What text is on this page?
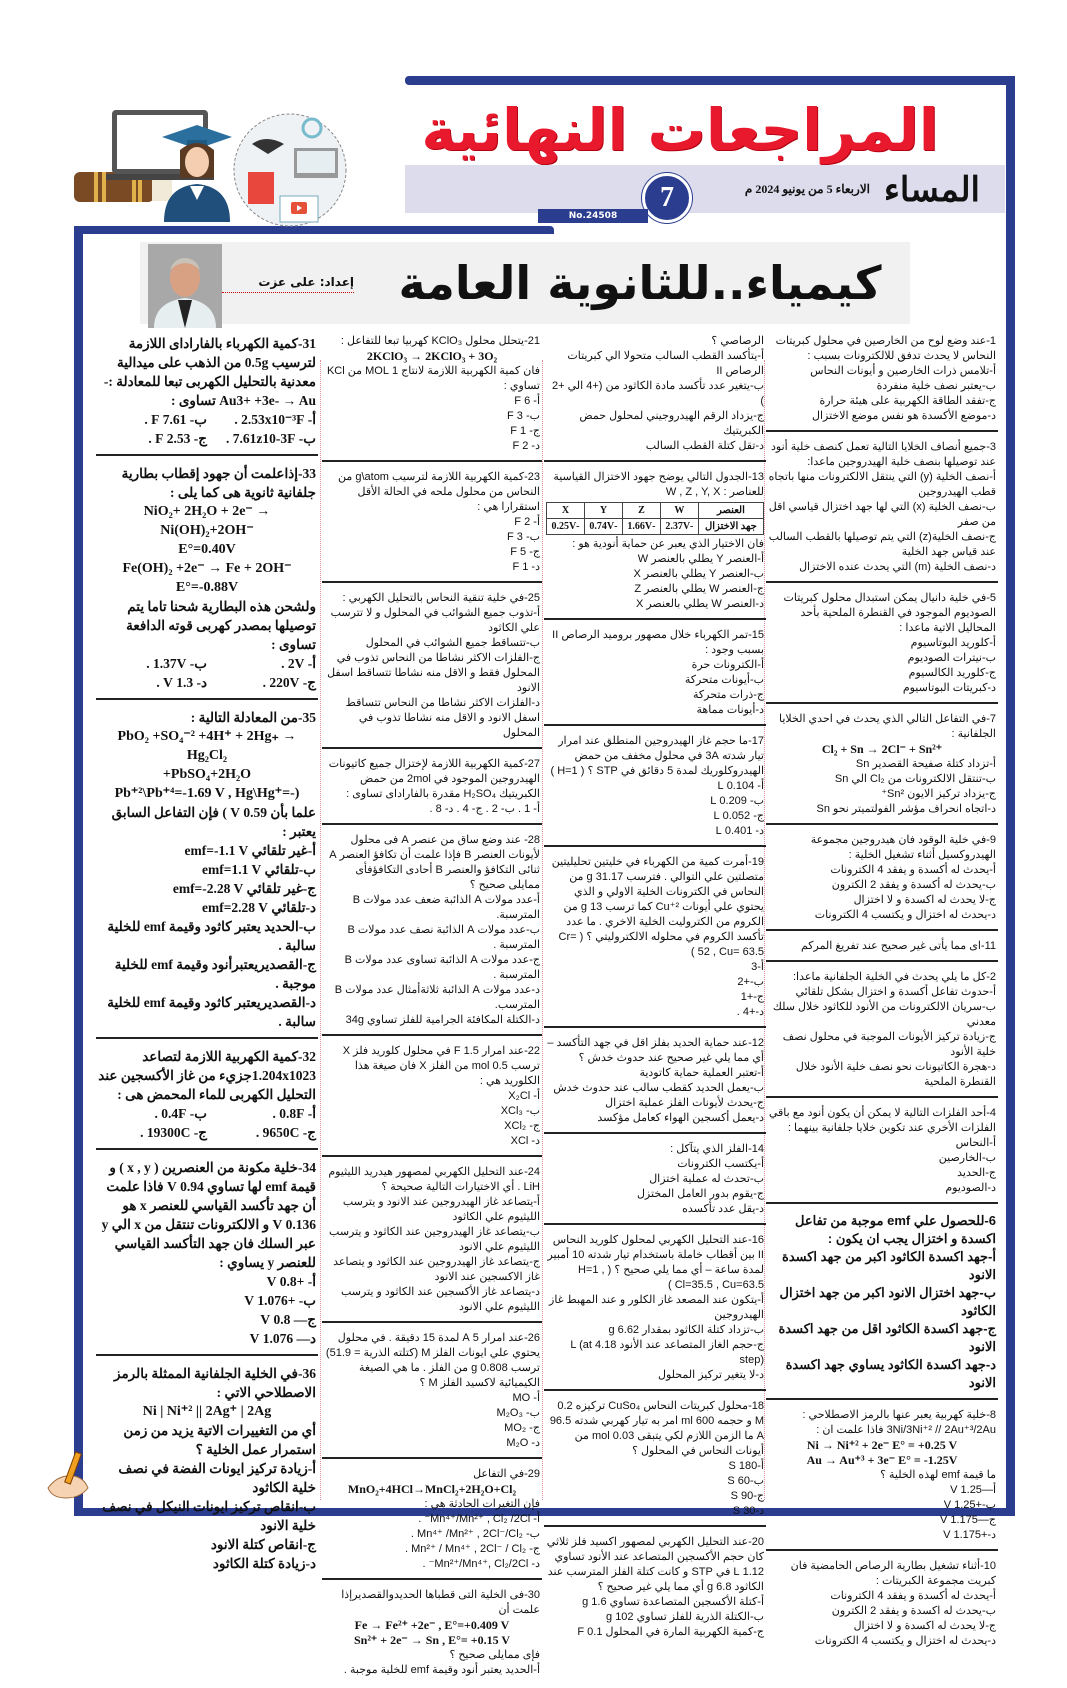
المراجعات النهائية
المساء
الاربعاء 5 من يونيو 2024 م
7
No.24508
كيمياء..للثانوية العامة
إعداد: على عزت
1-عند وضع لوح من الخارصين في محلول كبريتات النحاس لا يحدث تدفق للالكترونات بسبب :
أ-تلامس ذرات الخارصين و أيونات النحاس
ب-يعتبر نصف خلية منفردة
ج-تفقد الطاقة الكهربية على هيئة حرارة
د-موضع الأكسدة هو نفس موضع الاختزال
3-جميع أنصاف الخلايا التالية تعمل كنصف خلية أنود عند توصيلها بنصف خلية الهيدروجين ماعدا:
أ-نصف الخلية (y) التي ينتقل الالكترونات منها باتجاه قطب الهيدروجين
ب-نصف الخلية (x) التي لها جهد اختزال قياسي اقل من صفر
ج-نصف الخلية(z) التي يتم توصيلها بالقطب السالب عند قياس جهد الخلية
د-نصف الخلية (m) التي يحدث عنده الاختزال
5-في خلية دانيال يمكن استبدال محلول كبريتات الصوديوم الموجود في القنطرة الملحية بأحد المحاليل الاتية ماعدا :
أ-كلوريد البوتاسيوم
ب-نيترات الصوديوم
ج-كلوريد الكالسيوم
د-كبريتات البوتاسيوم
7-في التفاعل التالي الذي يحدث في احدي الخلايا الجلفانية :
Cl₂ + Sn → 2Cl⁻ + Sn²⁺
أ-تزداد كتلة صفيحة القصدير Sn
ب-تنتقل الالكترونات من Cl₂ الي Sn
ج-يزداد تركيز الايون Sn²⁺
د-اتجاه انحراف مؤشر الفولتميتر نحو Sn
9-في خلية الوقود فان هيدروجين مجموعة الهيدروكسيل أثناء تشغيل الخلية :
أ-يحدث له أكسدة و يفقد 4 الكترونات
ب-يحدث له أكسدة و يفقد 2 الكترون
ج-لا يحدث له اكسدة و لا اختزال
د-يحدث له اختزال و يكتسب 4 الكترونات
11-اى مما يأتى غير صحيح عند تفريغ المركم
2-كل ما يلي يحدث في الخلية الجلفانية ماعدا:
أ-حدوث تفاعل أكسدة و اختزال بشكل تلقائي
ب-سريان الالكترونات من الأنود للكاثود خلال سلك معدني
ج-زيادة تركيز الأيونات الموجبة في محلول نصف خلية الأنود
د-هجرة الكاتيونات نحو نصف خلية الأنود خلال القنطرة الملحية
4-أحد الفلزات التالية لا يمكن أن يكون أنود مع باقي الفلزات الأخري عند تكوين خلايا جلفانية بينهما :
أ-النحاس
ب-الخارصين
ج-الحديد
د-الصوديوم
6-للحصول علي emf موجبة من تفاعل اكسدة و اختزال يجب ان يكون :
أ-جهد اكسدة الكاثود اكبر من جهد اكسدة الانود
ب-جهد اختزال الانود اكبر من جهد اختزال الكاثود
ج-جهد اكسدة الكاثود اقل من جهد اكسدة الانود
د-جهد اكسدة الكاثود يساوي جهد اكسدة الانود
8-خلية كهربية يعبر عنها بالرمز الاصطلاحي : 3Ni/3Ni⁺² // 2Au⁺³/2Au فاذا علمت ان :
Ni → Ni⁺² + 2e⁻ E° = +0.25 V
Au → Au⁺³ + 3e⁻ E° = -1.25V
ما قيمة emf لهذه الخلية ؟
أ—1.25 V
ب-+1.25 V
ج—1.175 V
د-+1.175 V
10-أثناء تشغيل بطارية الرصاص الحامضية فان كبريت مجموعة الكبريتات :
أ-يحدث له أكسدة و يفقد 4 الكترونات
ب-يحدث له اكسدة و يفقد 2 الكترون
ج-لا يحدث له اكسدة و لا اختزال
د-يحدث له اختزال و يكتسب 4 الكترونات
الرصاصي ؟
أ-يتأكسد القطب السالب متحولا الي كبريتات الرصاص II
ب-يتغير عدد تأكسد مادة الكاثود من (+4 الي +2 )
ج-يزداد الرقم الهيدروجيني لمحلول حمض الكبريتيك
د-تقل كتلة القطب السالب
13-الجدول التالي يوضح جهود الاختزال القياسية للعناصر : W , Z , Y, X
العنصر	W	Z	Y	X
جهد الاختزال	-2.37V	-1.66V	-0.74V	-0.25V
فان الاختيار الذي يعبر عن حماية أنودية هو :
أ-العنصر Y يطلي بالعنصر W
ب-العنصر Y يطلي بالعنصر X
ج-العنصر W يطلي بالعنصر Z
د-العنصر W يطلي بالعنصر X
15-تمر الكهرباء خلال مصهور بروميد الرصاص II بسبب وجود :
أ-الكترونات حرة
ب-أيونات متحركة
ج-ذرات متحركة
د-أيونات مماهة
17-ما حجم غاز الهيدروجين المنطلق عند امرار تيار شدته 3A في محلول مخفف من حمض الهيدروكلوريك لمدة 5 دقائق في STP ؟ ( H=1 )
أ- 0.104 L
ب- 0.209 L
ج- 0.052 L
د- 0.401 L
19-أمرت كمية من الكهرباء في خليتين تحليليتين متصلتين علي التوالي . فترسب 31.17 g من النحاس في الكترونات الخلية الاولي و الذي يحتوي علي أيونات Cu⁺² كما ترسب 13 g من الكروم من الكتروليت الخلية الاخري . ما عدد تأكسد الكروم في محلوله الالكتروليتي ؟ ( Cr= 52 , Cu= 63.5 )
أ-3
ب-+2
ج-+1
د-+4 .
12-عند حماية الحديد بفلز اقل في جهد التأكسد – أي مما يلي غير صحيح عند حدوث خدش ؟
أ-تعتبر العملية حماية كاتودية
ب-يعمل الحديد كقطب سالب عند حدوث خدش
ج-يحدث لأيونات الفلز عملية اختزال
د-يعمل أكسجين الهواء كعامل مؤكسد
14-الفلز الذي يتآكل :
أ-يكتسب الكترونات
ب-تحدث له عملية اختزال
ج-يقوم بدور العامل المختزل
د-يقل عدد تأكسده
16-عند التحليل الكهربي لمحلول كلوريد النحاس II بين أقطاب خاملة باستخدام تيار شدته 10 أمبير لمدة ساعة – أي مما يلي صحيح ؟ ( H=1 , Cl=35.5 , Cu=63.5 )
أ-يتكون عند المصعد غاز الكلور و عند المهبط غاز الهيدروجين
ب-تزداد كتلة الكاثود بمقدار 6.62 g
ج-حجم الغاز المتصاعد عند الأنود 4.18 L (at step)
د-لا يتغير تركيز المحلول
18-محلول كبريتات النحاس CuSo₄ تركيزه 0.2 M و حجمه 600 ml امر به تيار كهربي شدته 96.5 A ما الزمن اللازم لكي يتبقى 0.03 mol من أيونات النحاس في المحلول ؟
أ-180 S
ب-60 S
ج-90 S
د-30 S
20-عند التحليل الكهربي لمصهور اكسيد فلز ثلاثي كان حجم الأكسجين المتصاعد عند الأنود تساوي 1.12 L في STP و كانت كتلة الفلز المترسب عند الكاثود 6.8 g أي مما يلي غير صحيح ؟
أ-كتلة الأكسجين المتصاعدة تساوي 1.6 g
ب-الكتلة الذرية للفلز تساوي 102 g
ج-كمية الكهربية المارة في المحلول 0.1 F
21-يتحلل محلول KClO₃ كهربيا تبعا للتفاعل :
2KClO₃ → 2KClO₃ + 3O₂
فان كمية الكهربية اللازمة لانتاج 1 MOL من KCl تساوي :
أ- 6 F
ب- 3 F
ج- 1 F
د- 2 F
23-كمية الكهربية اللازمة لترسيب g\atom من النحاس من محلول ملحه في الحالة الأقل استقرارا هي :
أ- 2 F
ب- 3 F
ج- 5 F
د- 1 F
25-في خلية تنقية النحاس بالتحليل الكهربي :
أ-تذوب جميع الشوائب في المحلول و لا تترسب علي الكاثود
ب-تتساقط جميع الشوائب في المحلول
ج-الفلزات الاكثر نشاطا من النحاس تذوب في المحلول فقط و الاقل منه نشاطا تتساقط اسفل الانود
د-الفلزات الاكثر نشاطا من النحاس تتساقط اسفل الانود و الاقل منه نشاطا تذوب في المحلول
27-كمية الكهربية اللازمة لإختزال جميع كاتيونات الهيدروجين الموجود في 2mol من حمض الكبريتيك H₂SO₄ مقدرة بالفاراداى تساوى :
أ- 1 . ب- 2 . ج- 4 . د- 8 .
28- عند وضع ساق من عنصر A فى محلول لأيونات العنصر B فإذا علمت أن تكافؤ العنصر A ثنائى التكافؤ والعنصر B أحادى التكافؤفأى ممايلى صحيح ؟
أ-عدد مولات A الذائبة ضعف عدد مولات B المترسبة.
ب-عدد مولات A الذائبة نصف عدد مولات B المترسبة .
ج-عدد مولات A الذائبة تساوى عدد مولات B المترسبة .
د-عدد مولات A الذائبة ثلاثةأمثال عدد مولات B المترسب.
د-الكتلة المكافئة الجرامية للفلز تساوي 34g
22-عند امرار 1.5 F في محلول كلوريد فلز X ترسب 0.5 mol من الفلز X فان صيغة هذا الكلوريد هي :
أ- X₂Cl
ب- XCl₃
ج- XCl₂
د- XCl
24-عند التحليل الكهربي لمصهور هيدريد الليثيوم LiH . أي الاختيارات التالية صحيحة ؟
أ-يتصاعد غاز الهيدروجين عند الانود و يترسب الليثيوم علي الكاثود
ب-يتصاعد غاز الهيدروجين عند الكاثود و يترسب الليثيوم علي الانود
ج-يتصاعد غاز الهيدروجين عند الكاثود و يتصاعد غاز الاكسجين عند الانود
د-يتصاعد غاز الأكسجين عند الكاثود و يترسب الليثيوم علي الانود
26-عند امرار 5 A لمدة 15 دقيقة . في محلول يحتوي علي ايونات الفلز M (كتلته الذرية = 51.9) ترسب 0.808 g من الفلز . ما هي الصيغة الكيميائية لاكسيد الفلز M ؟
أ- MO
ب- M₂O₃
ج- MO₂
د- M₂O
29-في التفاعل
MnO₂+4HCl→MnCl₂+2H₂O+Cl₂
فإن التغيرات الحادثة هي :
أ- Mn⁴⁺/Mn²⁺ , Cl₂ /2Cl⁻ .
ب- Mn⁴⁺ /Mn²⁺ , 2Cl⁻/Cl₂ .
ج- Mn²⁺ / Mn⁴⁺ , 2Cl⁻ / Cl₂ .
د- Mn²⁺/Mn⁴⁺, Cl₂/2Cl⁻ .
30-فى الخلية التى قطباها الحديدوالقصديرإذا علمت أن
Fe → Fe²⁺ +2e⁻ , E°=+0.409 V
Sn²⁺ + 2e⁻ → Sn , E°= +0.15 V
فإى ممايلى صحيح ؟
أ-الحديد يعتبر أنود وقيمة emf للخلية موجبة .
31-كمية الكهرباء بالفاراداى اللازمة لترسيب 0.5g من الذهب على ميدالية معدنية بالتحليل الكهربى تبعا للمعادلة :- Au3+ +3e- → Au تساوى :
أ- 2.53x10⁻³F .
ب- 7.61 F .
ب- 7.61z10-3F .
ج- 2.53 F .
33-إذاعلمت أن جهود إقطاب بطارية جلفانية ثانوية هى كما يلى :
NiO₂+ 2H₂O + 2e⁻ → Ni(OH)₂+2OH⁻
E°=0.40V
Fe(OH)₂ +2e⁻ → Fe + 2OH⁻ E°=-0.88V
ولشحن هذه البطارية شحنا تاما يتم توصيلها بمصدر كهربى قوته الدافعة تساوى :
أ- 2V .
ب- 1.37V .
ج- 220V .
د- 1.3 V .
35-من المعادلة التالية :
PbO₂ +SO₄⁻² +4H⁺ + 2Hg₊ → Hg₂Cl₂
+PbSO₄+2H₂O
Pb⁺²\Pb⁺⁴=-1.69 V , Hg\Hg⁺=-)
علما بأن 0.59 V ) فإن التفاعل السابق يعتبر :
أ-غير تلقائي emf=-1.1 V
ب-تلقائي emf=1.1 V
ج-غير تلقائي emf=-2.28 V
د-تلقائي emf=2.28 V
ب-الحديد يعتبر كاثود وقيمة emf للخلية سالبة .
ج-القصديريعتبرأنود وقيمة emf للخلية موجبة .
د-القصديريعتبر كاثود وقيمة emf للخلية سالبة .
32-كمية الكهربية اللازمة لتصاعد 1.204x1023جزيء من غاز الأكسجين عند التحليل الكهربى للماء المحمض هى :
أ- 0.8F .
ب- 0.4F .
ج- 9650C .
ج- 19300C .
34-خلية مكونة من العنصرين ( x , y ) و قيمة emf لها تساوي 0.94 V فاذا علمت أن جهد تأكسد القياسي للعنصر x هو 0.136 V و الالكترونات تنتقل من x الي y عبر السلك فان جهد التأكسد القياسي للعنصر y يساوي :
أ- +0.8 V
ب- +1.076 V
ج— 0.8 V
د— 1.076 V
36-في الخلية الجلفانية الممثلة بالرمز الاصطلاحي الاتي :
Ni | Ni⁺² || 2Ag⁺ | 2Ag
أي من التغييرات الاتية يزيد من زمن استمرار عمل الخلية ؟
أ-زيادة تركيز ايونات الفضة في نصف خلية الكاثود
ب-انقاص تركيز ايونات النيكل في نصف خلية الانود
ج-انقاص كتلة الانود
د-زيادة كتلة الكاثود
